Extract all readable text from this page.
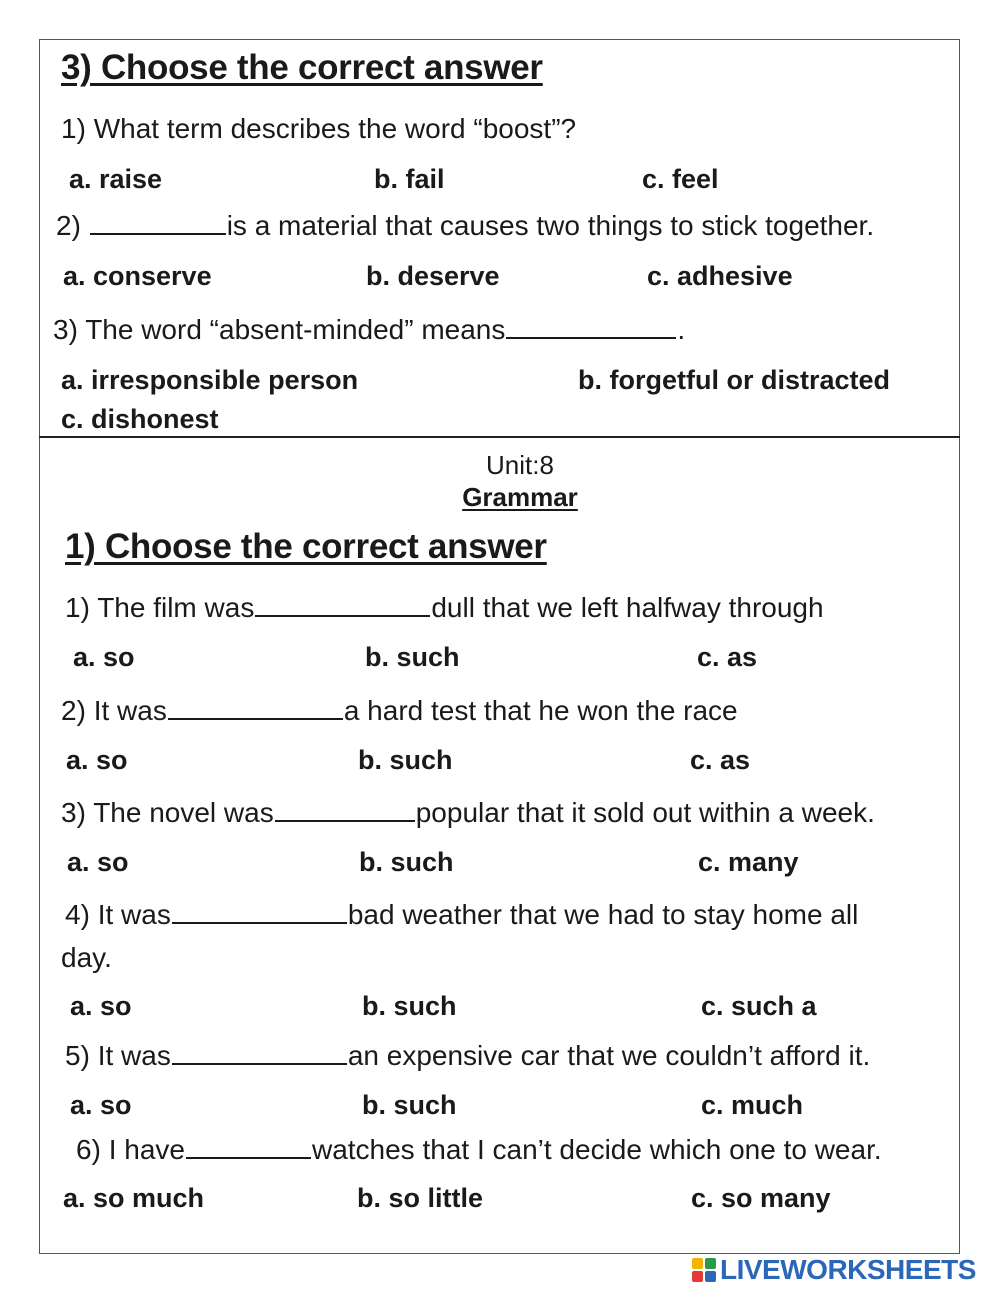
3) Choose the correct answer
1) What term describes the word “boost”?
a. raise	b. fail	c. feel
2)	is a material that causes two things to stick together.
a. conserve	b. deserve	c. adhesive
3) The word “absent-minded” means	.
a. irresponsible person	b. forgetful or distracted
c. dishonest
Unit:8
Grammar
1) Choose the correct answer
1) The film was	dull that we left halfway through
a. so	b. such	c. as
2) It was	a hard test that he won the race
a. so	b. such	c. as
3) The novel was	popular that it sold out within a week.
a. so	b. such	c. many
4) It was	bad weather that we had to stay home all
day.
a. so	b. such	c. such a
5) It was	an expensive car that we couldn’t afford it.
a. so	b. such	c. much
6) I have	watches that I can’t decide which one to wear.
a. so much	b. so little	c. so many
LIVEWORKSHEETS
